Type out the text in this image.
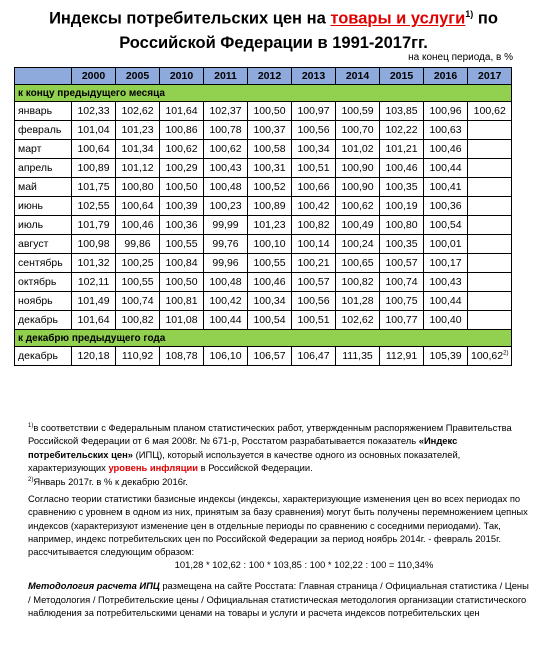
Индексы потребительских цен на товары и услуги$^{1)}$ по
Российской Федерации в 1991-2017гг.
на конец периода, в %
	2000	2005	2010	2011	2012	2013	2014	2015	2016	2017
к концу предыдущего месяца										
январь	102,33	102,62	101,64	102,37	100,50	100,97	100,59	103,85	100,96	100,62
февраль	101,04	101,23	100,86	100,78	100,37	100,56	100,70	102,22	100,63	
март	100,64	101,34	100,62	100,62	100,58	100,34	101,02	101,21	100,46	
апрель	100,89	101,12	100,29	100,43	100,31	100,51	100,90	100,46	100,44	
май	101,75	100,80	100,50	100,48	100,52	100,66	100,90	100,35	100,41	
июнь	102,55	100,64	100,39	100,23	100,89	100,42	100,62	100,19	100,36	
июль	101,79	100,46	100,36	99,99	101,23	100,82	100,49	100,80	100,54	
август	100,98	99,86	100,55	99,76	100,10	100,14	100,24	100,35	100,01	
сентябрь	101,32	100,25	100,84	99,96	100,55	100,21	100,65	100,57	100,17	
октябрь	102,11	100,55	100,50	100,48	100,46	100,57	100,82	100,74	100,43	
ноябрь	101,49	100,74	100,81	100,42	100,34	100,56	101,28	100,75	100,44	
декабрь	101,64	100,82	101,08	100,44	100,54	100,51	102,62	100,77	100,40	
к декабрю предыдущего года										
декабрь	120,18	110,92	108,78	106,10	106,57	106,47	111,35	112,91	105,39	100,62$^{2)}$

$^{1)}$в соответствии с Федеральным планом статистических работ, утвержденным распоряжением Правительства Российской Федерации от 6 мая 2008г. № 671-р, Росстатом разрабатывается показатель «Индекс потребительских цен» (ИПЦ), который используется в качестве одного из основных показателей, характеризующих уровень инфляции в Российской Федерации.

$^{2)}$Январь 2017г. в % к декабрю 2016г.

Согласно теории статистики базисные индексы (индексы, характеризующие изменения цен во всех периодах по сравнению с уровнем в одном из них, принятым за базу сравнения) могут быть получены перемножением цепных индексов (характеризуют изменение цен в отдельные периоды по сравнению с соседними периодами). Так, например, индекс потребительских цен по Российской Федерации за период ноябрь 2014г. - февраль 2015г. рассчитывается следующим образом:

101,28 * 102,62 : 100 * 103,85 : 100 * 102,22 : 100 = 110,34%

Методология расчета ИПЦ размещена на сайте Росстата: Главная страница / Официальная статистика / Цены / Методология / Потребительские цены / Официальная статистическая методология организации статистического наблюдения за потребительскими ценами на товары и услуги и расчета индексов потребительских цен
